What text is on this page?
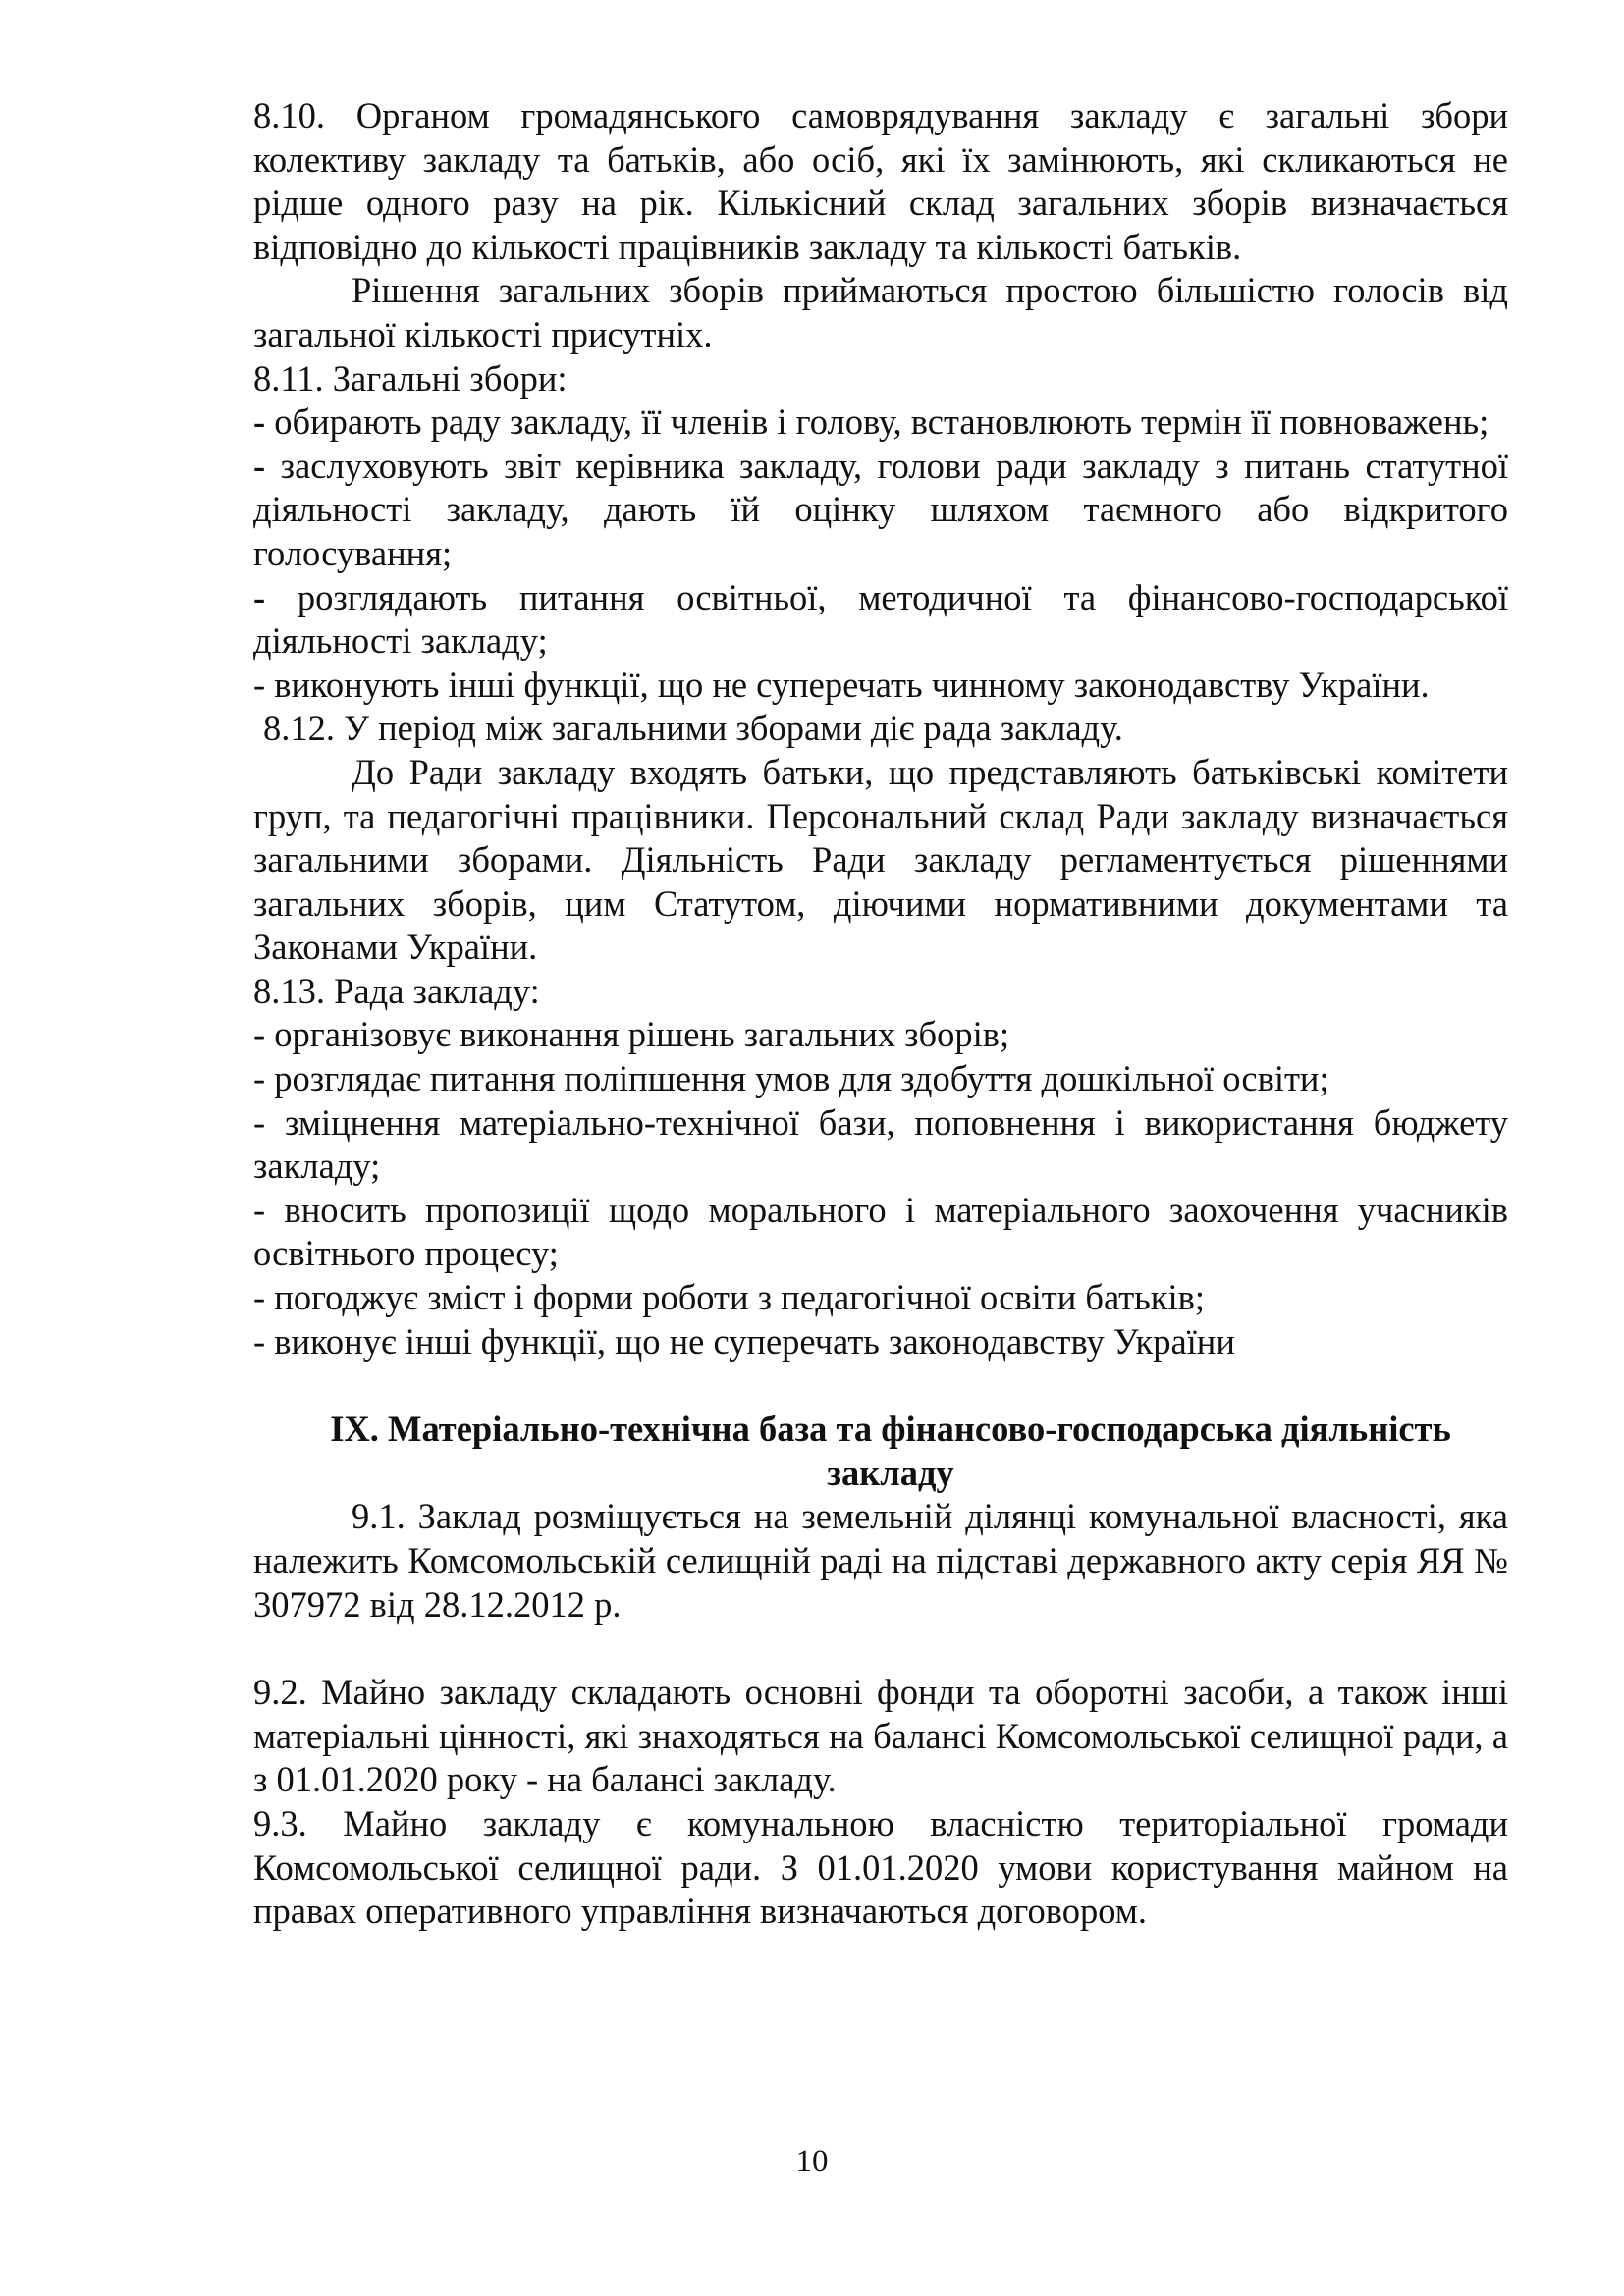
8.10. Органом громадянського самоврядування закладу є загальні збори колективу закладу та батьків, або осіб, які їх замінюють, які скликаються не рідше одного разу на рік. Кількісний склад загальних зборів визначається відповідно до кількості працівників закладу та кількості батьків.

Рішення загальних зборів приймаються простою більшістю голосів від загальної кількості присутніх.

8.11. Загальні збори:

- обирають раду закладу, її членів і голову, встановлюють термін її повноважень;

- заслуховують звіт керівника закладу, голови ради закладу з питань статутної діяльності закладу, дають їй оцінку шляхом таємного або відкритого голосування;

- розглядають питання освітньої, методичної та фінансово-господарської діяльності закладу;

- виконують інші функції, що не суперечать чинному законодавству України.

8.12. У період між загальними зборами діє рада закладу.

До Ради закладу входять батьки, що представляють батьківські комітети груп, та педагогічні працівники. Персональний склад Ради закладу визначається загальними зборами. Діяльність Ради закладу регламентується рішеннями загальних зборів, цим Статутом, діючими нормативними документами та Законами України.

8.13. Рада закладу:

- організовує виконання рішень загальних зборів;

- розглядає питання поліпшення умов для здобуття дошкільної освіти;

- зміцнення матеріально-технічної бази, поповнення і використання бюджету закладу;

- вносить пропозиції щодо морального і матеріального заохочення учасників освітнього процесу;

- погоджує зміст і форми роботи з педагогічної освіти батьків;

- виконує інші функції, що не суперечать законодавству України

IX. Матеріально-технічна база та фінансово-господарська діяльність
закладу

9.1. Заклад розміщується на земельній ділянці комунальної власності, яка належить Комсомольській селищній раді на підставі державного акту серія ЯЯ № 307972 від 28.12.2012 р.

9.2. Майно закладу складають основні фонди та оборотні засоби, а також інші матеріальні цінності, які знаходяться на балансі Комсомольської селищної ради, а з 01.01.2020 року - на балансі закладу.

9.3. Майно закладу є комунальною власністю територіальної громади Комсомольської селищної ради. З 01.01.2020 умови користування майном на правах оперативного управління визначаються договором.

10
